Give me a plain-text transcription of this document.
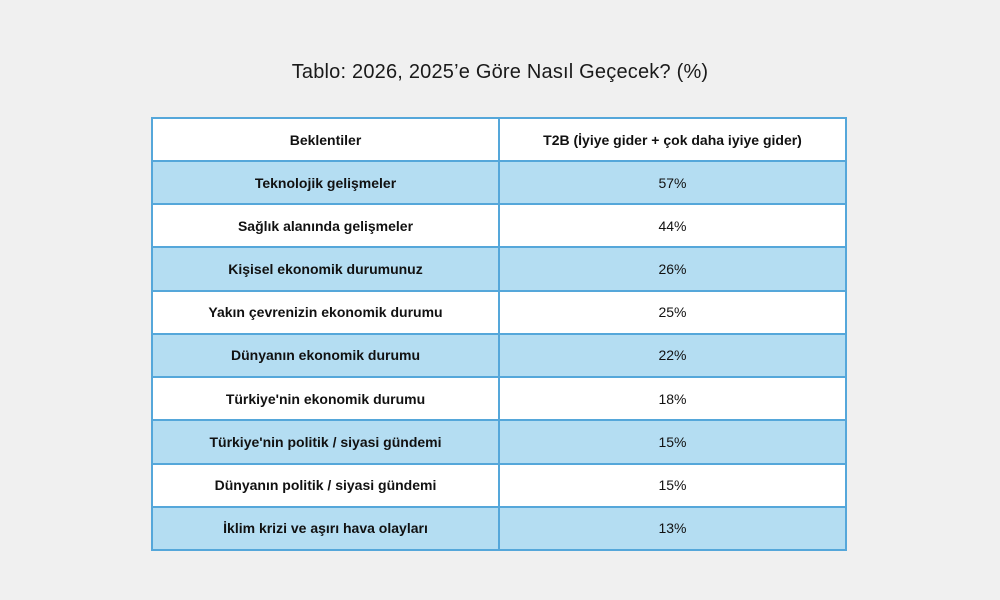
Tablo: 2026, 2025’e Göre Nasıl Geçecek? (%)
Beklentiler	T2B (İyiye gider + çok daha iyiye gider)
Teknolojik gelişmeler	57%
Sağlık alanında gelişmeler	44%
Kişisel ekonomik durumunuz	26%
Yakın çevrenizin ekonomik durumu	25%
Dünyanın ekonomik durumu	22%
Türkiye'nin ekonomik durumu	18%
Türkiye'nin politik / siyasi gündemi	15%
Dünyanın politik / siyasi gündemi	15%
İklim krizi ve aşırı hava olayları	13%
